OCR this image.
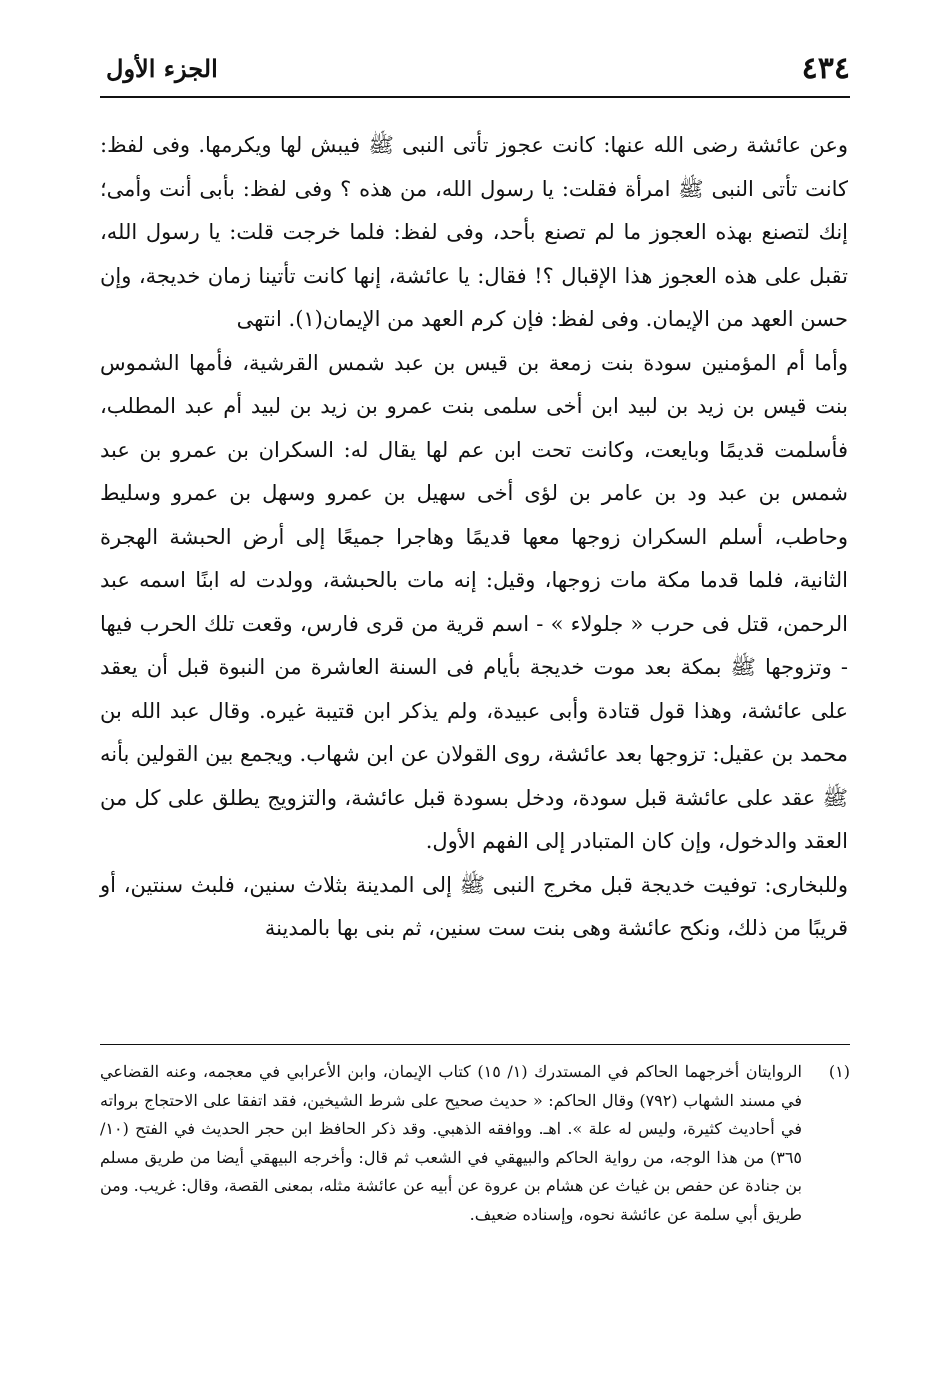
٤٣٤
الجزء الأول

وعن عائشة رضى الله عنها: كانت عجوز تأتى النبى ﷺ فيبش لها ويكرمها. وفى لفظ: كانت تأتى النبى ﷺ امرأة فقلت: يا رسول الله، من هذه ؟ وفى لفظ: بأبى أنت وأمى؛ إنك لتصنع بهذه العجوز ما لم تصنع بأحد، وفى لفظ: فلما خرجت قلت: يا رسول الله، تقبل على هذه العجوز هذا الإقبال ؟! فقال: يا عائشة، إنها كانت تأتينا زمان خديجة، وإن حسن العهد من الإيمان. وفى لفظ: فإن كرم العهد من الإيمان(١). انتهى

وأما أم المؤمنين سودة بنت زمعة بن قيس بن عبد شمس القرشية، فأمها الشموس بنت قيس بن زيد بن لبيد ابن أخى سلمى بنت عمرو بن زيد بن لبيد أم عبد المطلب، فأسلمت قديمًا وبايعت، وكانت تحت ابن عم لها يقال له: السكران بن عمرو بن عبد شمس بن عبد ود بن عامر بن لؤى أخى سهيل بن عمرو وسهل بن عمرو وسليط وحاطب، أسلم السكران زوجها معها قديمًا وهاجرا جميعًا إلى أرض الحبشة الهجرة الثانية، فلما قدما مكة مات زوجها، وقيل: إنه مات بالحبشة، وولدت له ابنًا اسمه عبد الرحمن، قتل فى حرب « جلولاء » - اسم قرية من قرى فارس، وقعت تلك الحرب فيها - وتزوجها ﷺ بمكة بعد موت خديجة بأيام فى السنة العاشرة من النبوة قبل أن يعقد على عائشة، وهذا قول قتادة وأبى عبيدة، ولم يذكر ابن قتيبة غيره. وقال عبد الله بن محمد بن عقيل: تزوجها بعد عائشة، روى القولان عن ابن شهاب. ويجمع بين القولين بأنه ﷺ عقد على عائشة قبل سودة، ودخل بسودة قبل عائشة، والتزويج يطلق على كل من العقد والدخول، وإن كان المتبادر إلى الفهم الأول.

وللبخارى: توفيت خديجة قبل مخرج النبى ﷺ إلى المدينة بثلاث سنين، فلبث سنتين، أو قريبًا من ذلك، ونكح عائشة وهى بنت ست سنين، ثم بنى بها بالمدينة

(١)
الروايتان أخرجهما الحاكم في المستدرك (١/ ١٥) كتاب الإيمان، وابن الأعرابي في معجمه، وعنه القضاعي في مسند الشهاب (٧٩٢) وقال الحاكم: « حديث صحيح على شرط الشيخين، فقد اتفقا على الاحتجاج برواته في أحاديث كثيرة، وليس له علة ». اهـ. ووافقه الذهبي. وقد ذكر الحافظ ابن حجر الحديث في الفتح (١٠/ ٣٦٥) من هذا الوجه، من رواية الحاكم والبيهقي في الشعب ثم قال: وأخرجه البيهقي أيضا من طريق مسلم بن جنادة عن حفص بن غياث عن هشام بن عروة عن أبيه عن عائشة مثله، بمعنى القصة، وقال: غريب. ومن طريق أبي سلمة عن عائشة نحوه، وإسناده ضعيف.
